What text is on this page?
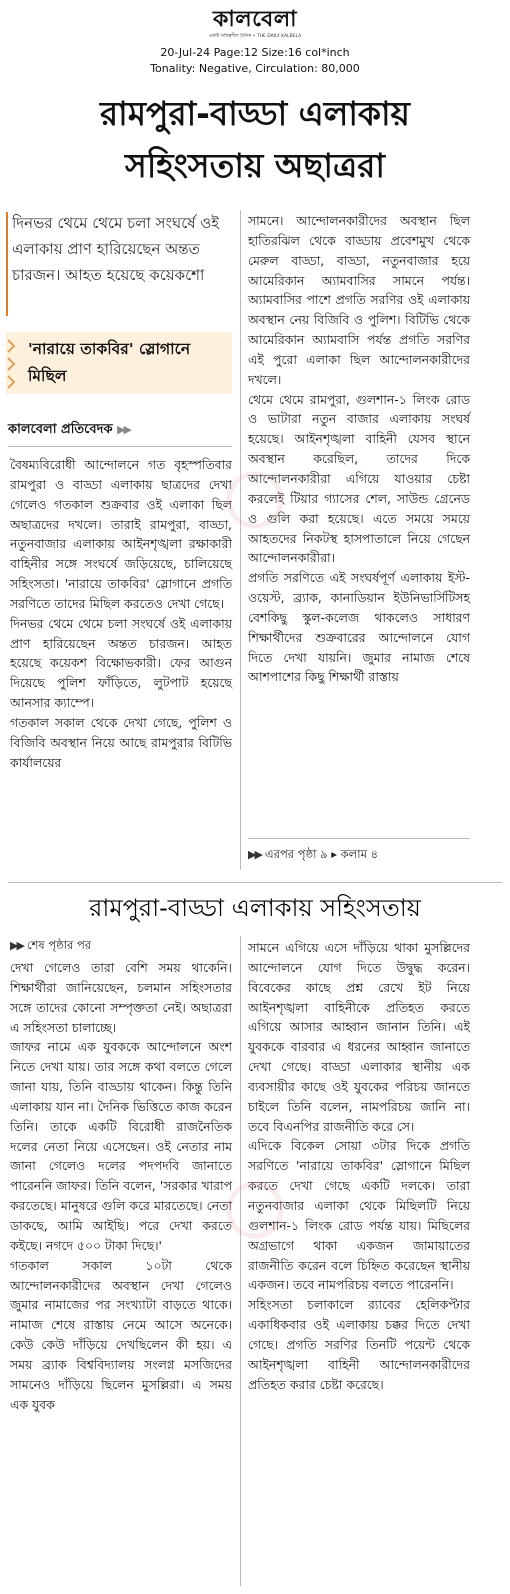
কালবেলা
একটি দায়িত্বশীল দৈনিক • THE DAILY KALBELA
20-Jul-24 Page:12 Size:16 col*inch
Tonality: Negative, Circulation: 80,000
রামপুরা-বাড্ডা এলাকায়
সহিংসতায় অছাত্ররা
দিনভর থেমে থেমে চলা সংঘর্ষে ওই এলাকায় প্রাণ হারিয়েছেন অন্তত চারজন। আহত হয়েছে কয়েকশো
'নারায়ে তাকবির' স্লোগানে মিছিল
কালবেলা প্রতিবেদক ▶▶

বৈষম্যবিরোধী আন্দোলনে গত বৃহস্পতিবার রামপুরা ও বাড্ডা এলাকায় ছাত্রদের দেখা গেলেও গতকাল শুক্রবার ওই এলাকা ছিল অছাত্রদের দখলে। তারাই রামপুরা, বাড্ডা, নতুনবাজার এলাকায় আইনশৃঙ্খলা রক্ষাকারী বাহিনীর সঙ্গে সংঘর্ষে জড়িয়েছে, চালিয়েছে সহিংসতা। 'নারায়ে তাকবির' স্লোগানে প্রগতি সরণিতে তাদের মিছিল করতেও দেখা গেছে।

দিনভর থেমে থেমে চলা সংঘর্ষে ওই এলাকায় প্রাণ হারিয়েছেন অন্তত চারজন। আহত হয়েছে কয়েকশ বিক্ষোভকারী। ফের আগুন দিয়েছে পুলিশ ফাঁড়িতে, লুটপাট হয়েছে আনসার ক্যাম্পে।

গতকাল সকাল থেকে দেখা গেছে, পুলিশ ও বিজিবি অবস্থান নিয়ে আছে রামপুরার বিটিভি কার্যালয়ের

সামনে। আন্দোলনকারীদের অবস্থান ছিল হাতিরঝিল থেকে বাড্ডায় প্রবেশমুখ থেকে মেরুল বাড্ডা, বাড্ডা, নতুনবাজার হয়ে আমেরিকান অ্যামবাসির সামনে পর্যন্ত। অ্যামবাসির পাশে প্রগতি সরণির ওই এলাকায় অবস্থান নেয় বিজিবি ও পুলিশ। বিটিভি থেকে আমেরিকান অ্যামবাসি পর্যন্ত প্রগতি সরণির এই পুরো এলাকা ছিল আন্দোলনকারীদের দখলে।

থেমে থেমে রামপুরা, গুলশান-১ লিংক রোড ও ভাটারা নতুন বাজার এলাকায় সংঘর্ষ হয়েছে। আইনশৃঙ্খলা বাহিনী যেসব স্থানে অবস্থান করেছিল, তাদের দিকে আন্দোলনকারীরা এগিয়ে যাওয়ার চেষ্টা করলেই টিয়ার গ্যাসের শেল, সাউন্ড গ্রেনেড ও গুলি করা হয়েছে। এতে সময়ে সময়ে আহতদের নিকটস্থ হাসপাতালে নিয়ে গেছেন আন্দোলনকারীরা।

প্রগতি সরণিতে এই সংঘর্ষপূর্ণ এলাকায় ইস্ট-ওয়েস্ট, ব্র্যাক, কানাডিয়ান ইউনিভার্সিটিসহ বেশকিছু স্কুল-কলেজ থাকলেও সাধারণ শিক্ষার্থীদের শুক্রবারের আন্দোলনে যোগ দিতে দেখা যায়নি। জুমার নামাজ শেষে আশপাশের কিছু শিক্ষার্থী রাস্তায়

▶▶ এরপর পৃষ্ঠা ৯ ▸ কলাম ৪
রামপুরা-বাড্ডা এলাকায় সহিংসতায়
▶▶ শেষ পৃষ্ঠার পর

দেখা গেলেও তারা বেশি সময় থাকেনি। শিক্ষার্থীরা জানিয়েছেন, চলমান সহিংসতার সঙ্গে তাদের কোনো সম্পৃক্ততা নেই। অছাত্ররা এ সহিংসতা চালাচ্ছে।

জাফর নামে এক যুবককে আন্দোলনে অংশ নিতে দেখা যায়। তার সঙ্গে কথা বলতে গেলে জানা যায়, তিনি বাড্ডায় থাকেন। কিন্তু তিনি এলাকায় যান না। দৈনিক ভিত্তিতে কাজ করেন তিনি। তাকে একটি বিরোধী রাজনৈতিক দলের নেতা নিয়ে এসেছেন। ওই নেতার নাম জানা গেলেও দলের পদপদবি জানাতে পারেননি জাফর। তিনি বলেন, 'সরকার খারাপ করতেছে। মানুষরে গুলি করে মারতেছে। নেতা ডাকছে, আমি আইছি। পরে দেখা করতে কইছে। নগদে ৫০০ টাকা দিছে।'

গতকাল সকাল ১০টা থেকে আন্দোলনকারীদের অবস্থান দেখা গেলেও জুমার নামাজের পর সংখ্যাটা বাড়তে থাকে। নামাজ শেষে রাস্তায় নেমে আসে অনেকে। কেউ কেউ দাঁড়িয়ে দেখছিলেন কী হয়। এ সময় ব্র্যাক বিশ্ববিদ্যালয় সংলগ্ন মসজিদের সামনেও দাঁড়িয়ে ছিলেন মুসল্লিরা। এ সময় এক যুবক

সামনে এগিয়ে এসে দাঁড়িয়ে থাকা মুসল্লিদের আন্দোলনে যোগ দিতে উদ্বুদ্ধ করেন। বিবেকের কাছে প্রশ্ন রেখে ইট নিয়ে আইনশৃঙ্খলা বাহিনীকে প্রতিহত করতে এগিয়ে আসার আহ্বান জানান তিনি। এই যুবককে বারবার এ ধরনের আহ্বান জানাতে দেখা গেছে। বাড্ডা এলাকার স্থানীয় এক ব্যবসায়ীর কাছে ওই যুবকের পরিচয় জানতে চাইলে তিনি বলেন, নামপরিচয় জানি না। তবে বিএনপির রাজনীতি করে সে।

এদিকে বিকেল সোয়া ৩টার দিকে প্রগতি সরণিতে 'নারায়ে তাকবির' স্লোগানে মিছিল করতে দেখা গেছে একটি দলকে। তারা নতুনবাজার এলাকা থেকে মিছিলটি নিয়ে গুলশান-১ লিংক রোড পর্যন্ত যায়। মিছিলের অগ্রভাগে থাকা একজন জামায়াতের রাজনীতি করেন বলে চিহ্নিত করেছেন স্থানীয় একজন। তবে নামপরিচয় বলতে পারেননি।

সহিংসতা চলাকালে র‍্যাবের হেলিকপ্টার একাধিকবার ওই এলাকায় চক্কর দিতে দেখা গেছে। প্রগতি সরণির তিনটি পয়েন্ট থেকে আইনশৃঙ্খলা বাহিনী আন্দোলনকারীদের প্রতিহত করার চেষ্টা করেছে।
